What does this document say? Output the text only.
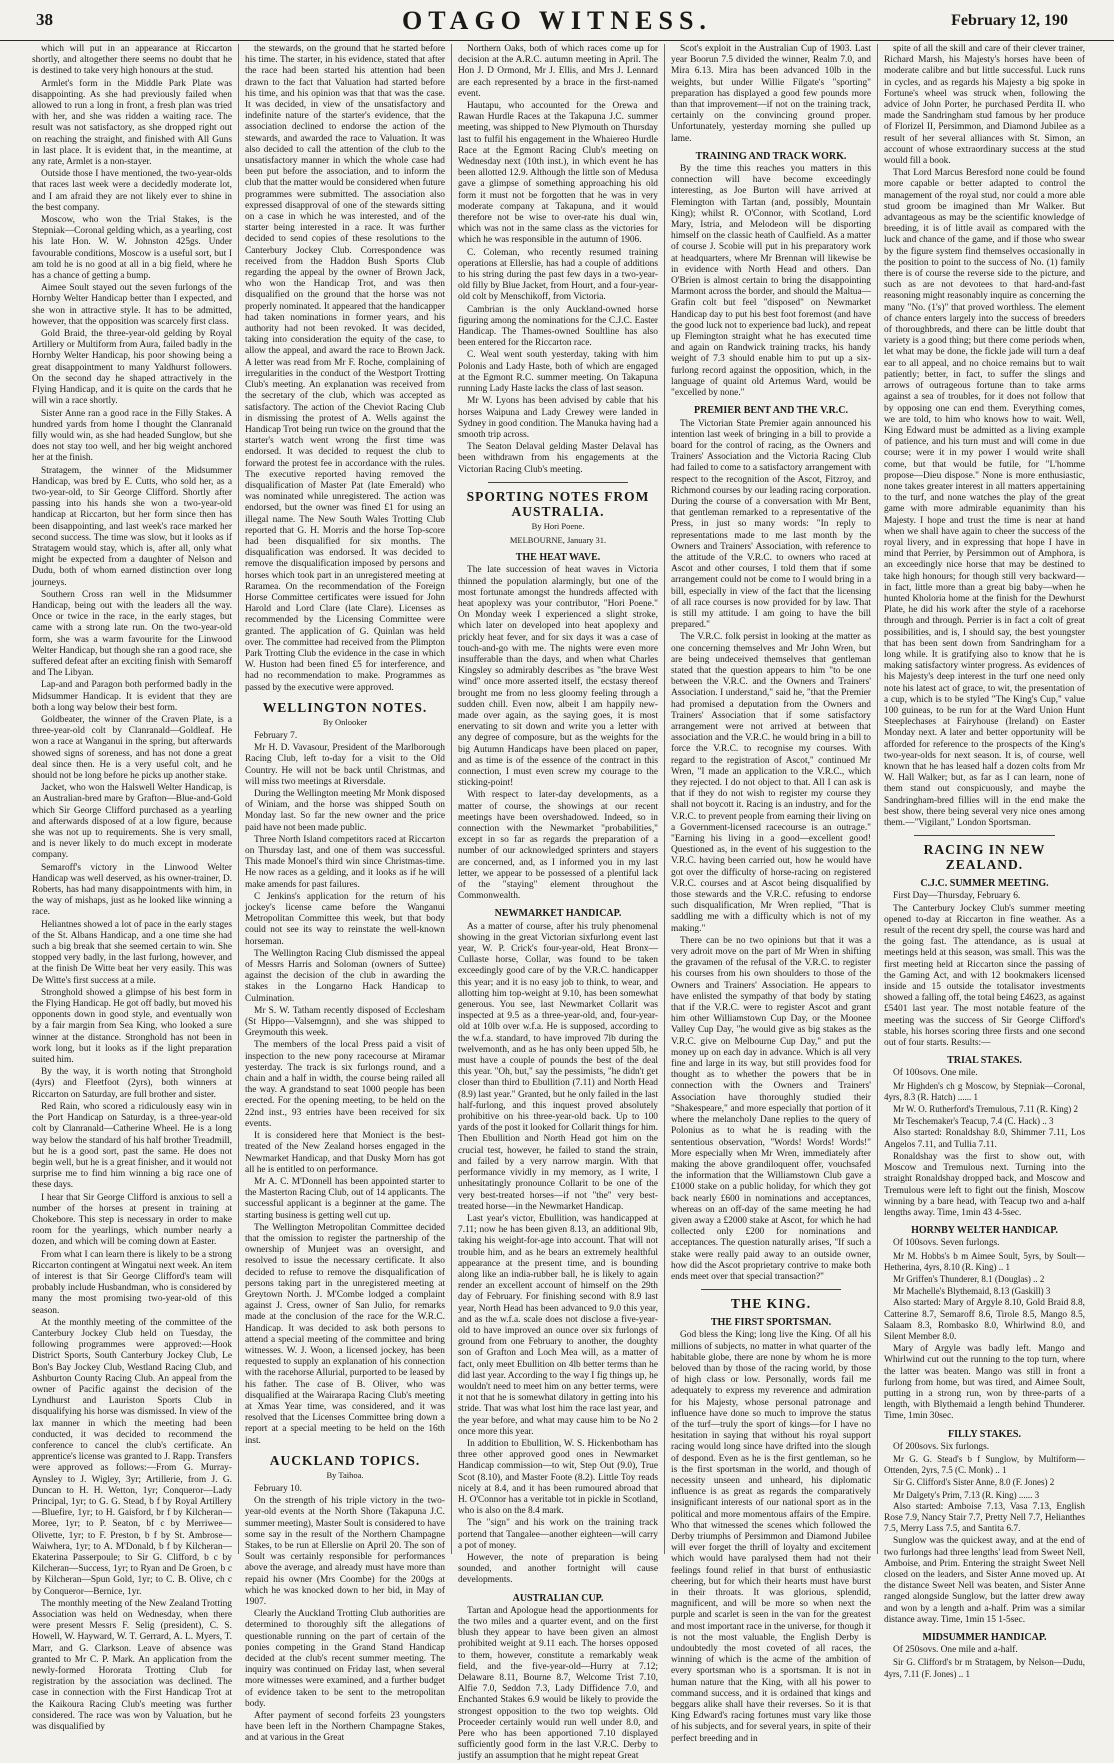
38	OTAGO WITNESS.	February 12, 190

which will put in an appearance at Riccarton shortly, and altogether there seems no doubt that he is destined to take very high honours at the stud.

Armlet's form in the Middle Park Plate was disappointing. As she had previously failed when allowed to run a long in front, a fresh plan was tried with her, and she was ridden a waiting race. The result was not satisfactory, as she dropped right out on reaching the straight, and finished with All Guns in last place. It is evident that, in the meantime, at any rate, Armlet is a non-stayer.

Outside those I have mentioned, the two-year-olds that races last week were a decidedly moderate lot, and I am afraid they are not likely ever to shine in the best company.

Moscow, who won the Trial Stakes, is the Stepniak—Coronal gelding which, as a yearling, cost his late Hon. W. W. Johnston 425gs. Under favourable conditions, Moscow is a useful sort, but I am told he is no good at all in a big field, where he has a chance of getting a bump.

Aimee Soult stayed out the seven furlongs of the Hornby Welter Handicap better than I expected, and she won in attractive style. It has to be admitted, however, that the opposition was scarcely first class.

Gold Braid, the three-year-old gelding by Royal Artillery or Multiform from Aura, failed badly in the Hornby Welter Handicap, his poor showing being a great disappointment to many Yaldhurst followers. On the second day he shaped attractively in the Flying Handicap, and it is quite on the cards that he will win a race shortly.

Sister Anne ran a good race in the Filly Stakes. A hundred yards from home I thought the Clanranald filly would win, as she had headed Sunglow, but she does not stay too well, and her big weight anchored her at the finish.

Stratagem, the winner of the Midsummer Handicap, was bred by E. Cutts, who sold her, as a two-year-old, to Sir George Clifford. Shortly after passing into his hands she won a two-year-old handicap at Riccarton, but her form since then has been disappointing, and last week's race marked her second success. The time was slow, but it looks as if Stratagem would stay, which is, after all, only what might be expected from a daughter of Nelson and Dudu, both of whom earned distinction over long journeys.

Southern Cross ran well in the Midsummer Handicap, being out with the leaders all the way. Once or twice in the race, in the early stages, but came with a strong late run. On the two-year-old form, she was a warm favourite for the Linwood Welter Handicap, but though she ran a good race, she suffered defeat after an exciting finish with Semaroff and The Libyan.

Lap-and and Paragon both performed badly in the Midsummer Handicap. It is evident that they are both a long way below their best form.

Goldbeater, the winner of the Craven Plate, is a three-year-old colt by Clanranald—Goldleaf. He won a race at Wanganui in the spring, but afterwards showed signs of soreness, and has not done a great deal since then. He is a very useful colt, and he should not be long before he picks up another stake.

Jacket, who won the Halswell Welter Handicap, is an Australian-bred mare by Grafton—Blue-and-Gold which Sir George Clifford purchased as a yearling and afterwards disposed of at a low figure, because she was not up to requirements. She is very small, and is never likely to do much except in moderate company.

Semaroff's victory in the Linwood Welter Handicap was well deserved, as his owner-trainer, D. Roberts, has had many disappointments with him, in the way of mishaps, just as he looked like winning a race.

Heliantnes showed a lot of pace in the early stages of the St. Albans Handicap, and a one time she had such a big break that she seemed certain to win. She stopped very badly, in the last furlong, however, and at the finish De Witte beat her very easily. This was De Witte's first success at a mile.

Stronghold showed a glimpse of his best form in the Flying Handicap. He got off badly, but moved his opponents down in good style, and eventually won by a fair margin from Sea King, who looked a sure winner at the distance. Stronghold has not been in work long, but it looks as if the light preparation suited him.

By the way, it is worth noting that Stronghold (4yrs) and Fleetfoot (2yrs), both winners at Riccarton on Saturday, are full brother and sister.

Red Rain, who scored a ridiculously easy win in the Port Handicap on Saturday, is a three-year-old colt by Clanranald—Catherine Wheel. He is a long way below the standard of his half brother Treadmill, but he is a good sort, past the same. He does not begin well, but he is a great finisher, and it would not surprise me to find him winning a big race one of these days.

I hear that Sir George Clifford is anxious to sell a number of the horses at present in training at Chokebore. This step is necessary in order to make room for the yearlings, which number nearly a dozen, and which will be coming down at Easter.

From what I can learn there is likely to be a strong Riccarton contingent at Wingatui next week. An item of interest is that Sir George Clifford's team will probably include Husbandman, who is considered by many the most promising two-year-old of this season.

At the monthly meeting of the committee of the Canterbury Jockey Club held on Tuesday, the following programmes were approved:—Hook District Sports, South Canterbury Jockey Club, Le Bon's Bay Jockey Club, Westland Racing Club, and Ashburton County Racing Club. An appeal from the owner of Pacific against the decision of the Lyndhurst and Lauriston Sports Club in disqualifying his horse was dismissed. In view of the lax manner in which the meeting had been conducted, it was decided to recommend the conference to cancel the club's certificate. An apprentice's license was granted to J. Rapp. Transfers were approved as follows:—From G. Murray-Aynsley to J. Wigley, 3yr; Artillerie, from J. G. Duncan to H. H. Wetton, 1yr; Conqueror—Lady Principal, 1yr; to G. G. Stead, b f by Royal Artillery—Bluefire, 1yr; to H. Gaisford, br f by Kilcheran—Moree, 1yr; to P. Seaton, bf c by Merriwee—Olivette, 1yr; to F. Preston, b f by St. Ambrose—Waiwhera, 1yr; to A. M'Donald, b f by Kilcheran—Ekaterina Passerpoule; to Sir G. Clifford, b c by Kilcheran—Success, 1yr; to Ryan and De Groen, b c by Kilcheran—Spun Gold, 1yr; to C. B. Olive, ch c by Conqueror—Bernice, 1yr.

The monthly meeting of the New Zealand Trotting Association was held on Wednesday, when there were present Messrs F. Selig (president), C. S. Howell, W. Hayward, W. T. Gerrard, A. L. Myers, T. Marr, and G. Clarkson. Leave of absence was granted to Mr C. P. Mark. An application from the newly-formed Hororata Trotting Club for registration by the association was declined. The case in connection with the First Handicap Trot at the Kaikoura Racing Club's meeting was further considered. The race was won by Valuation, but he was disqualified by

the stewards, on the ground that he started before his time. The starter, in his evidence, stated that after the race had been started his attention had been drawn to the fact that Valuation had started before his time, and his opinion was that that was the case. It was decided, in view of the unsatisfactory and indefinite nature of the starter's evidence, that the association declined to endorse the action of the stewards, and awarded the race to Valuation. It was also decided to call the attention of the club to the unsatisfactory manner in which the whole case had been put before the association, and to inform the club that the matter would be considered when future programmes were submitted. The association also expressed disapproval of one of the stewards sitting on a case in which he was interested, and of the starter being interested in a race. It was further decided to send copies of these resolutions to the Canterbury Jockey Club. Correspondence was received from the Haddon Bush Sports Club regarding the appeal by the owner of Brown Jack, who won the Handicap Trot, and was then disqualified on the ground that the horse was not properly nominated. It appeared that the handicapper had taken nominations in former years, and his authority had not been revoked. It was decided, taking into consideration the equity of the case, to allow the appeal, and award the race to Brown Jack. A letter was read from Mr F. Roche, complaining of irregularities in the conduct of the Westport Trotting Club's meeting. An explanation was received from the secretary of the club, which was accepted as satisfactory. The action of the Cheviot Racing Club in dismissing the protest of A. Wells against the Handicap Trot being run twice on the ground that the starter's watch went wrong the first time was endorsed. It was decided to request the club to forward the protest fee in accordance with the rules. The executive reported having removed the disqualification of Master Pat (late Emerald) who was nominated while unregistered. The action was endorsed, but the owner was fined £1 for using an illegal name. The New South Wales Trotting Club reported that G. H. Morris and the horse Top-score had been disqualified for six months. The disqualification was endorsed. It was decided to remove the disqualification imposed by persons and horses which took part in an unregistered meeting at Raramea. On the recommendation of the Foreign Horse Committee certificates were issued for John Harold and Lord Clare (late Clare). Licenses as recommended by the Licensing Committee were granted. The application of G. Quinlan was held over. The committee had received from the Plimpton Park Trotting Club the evidence in the case in which W. Huston had been fined £5 for interference, and had no recommendation to make. Programmes as passed by the executive were approved.

WELLINGTON NOTES.
By Onlooker

February 7.

Mr H. D. Vavasour, President of the Marlborough Racing Club, left to-day for a visit to the Old Country. He will not be back until Christmas, and will miss two meetings at Riversdale.

During the Wellington meeting Mr Monk disposed of Winiam, and the horse was shipped South on Monday last. So far the new owner and the price paid have not been made public.

Three North Island competitors raced at Riccarton on Thursday last, and one of them was successful. This made Monoel's third win since Christmas-time. He now races as a gelding, and it looks as if he will make amends for past failures.

C Jenkins's application for the return of his jockey's license came before the Wanganui Metropolitan Committee this week, but that body could not see its way to reinstate the well-known horseman.

The Wellington Racing Club dismissed the appeal of Messrs Harris and Soloman (owners of Suttee) against the decision of the club in awarding the stakes in the Longarno Hack Handicap to Culmination.

Mr S. W. Tatham recently disposed of Ecclesham (St Hippo—Valsemgnn), and she was shipped to Greymouth this week.

The members of the local Press paid a visit of inspection to the new pony racecourse at Miramar yesterday. The track is six furlongs round, and a chain and a half in width, the course being railed all the way. A grandstand to seat 1000 people has been erected. For the opening meeting, to be held on the 22nd inst., 93 entries have been received for six events.

It is considered here that Moniect is the best-treated of the New Zealand horses engaged in the Newmarket Handicap, and that Dusky Morn has got all he is entitled to on performance.

Mr A. C. M'Donnell has been appointed starter to the Masterton Racing Club, out of 14 applicants. The successful applicant is a beginner at the game. The starting business is getting well cut up.

The Wellington Metropolitan Committee decided that the omission to register the partnership of the ownership of Munjeet was an oversight, and resolved to issue the necessary certificate. It also decided to refuse to remove the disqualification of persons taking part in the unregistered meeting at Greytown North. J. M'Combe lodged a complaint against J. Cress, owner of San Julio, for remarks made at the conclusion of the race for the W.R.C. Handicap. It was decided to ask both persons to attend a special meeting of the committee and bring witnesses. W. J. Woon, a licensed jockey, has been requested to supply an explanation of his connection with the racehorse Allurial, purported to be leased by his father. The case of B. Oliver, who was disqualified at the Wairarapa Racing Club's meeting at Xmas Year time, was considered, and it was resolved that the Licenses Committee bring down a report at a special meeting to be held on the 16th inst.

AUCKLAND TOPICS.
By Taihoa.

February 10.

On the strength of his triple victory in the two-year-old events at the North Shore (Takapuna J.C. summer meeting), Master Soult is considered to have some say in the result of the Northern Champagne Stakes, to be run at Ellerslie on April 20. The son of Soult was certainly responsible for performances above the average, and already must have more than repaid his owner (Mrs Coombe) for the 200gs at which he was knocked down to her bid, in May of 1907.

Clearly the Auckland Trotting Club authorities are determined to thoroughly sift the allegations of questionable running on the part of certain of the ponies competing in the Grand Stand Handicap decided at the club's recent summer meeting. The inquiry was continued on Friday last, when several more witnesses were examined, and a further budget of evidence taken to be sent to the metropolitan body.

After payment of second forfeits 23 youngsters have been left in the Northern Champagne Stakes, and at various in the Great

Northern Oaks, both of which races come up for decision at the A.R.C. autumn meeting in April. The Hon J. D Ormond, Mr J. Ellis, and Mrs J. Lennard are each represented by a brace in the first-named event.

Hautapu, who accounted for the Orewa and Rawan Hurdle Races at the Takapuna J.C. summer meeting, was shipped to New Plymouth on Thursday last to fulfil his engagement in the Whaiereo Hurdle Race at the Egmont Racing Club's meeting on Wednesday next (10th inst.), in which event he has been allotted 12.9. Although the little son of Medusa gave a glimpse of something approaching his old form it must not be forgotten that he was in very moderate company at Takapuna, and it would therefore not be wise to over-rate his dual win, which was not in the same class as the victories for which he was responsible in the autumn of 1906.

C. Coleman, who recently resumed training operations at Ellerslie, has had a couple of additions to his string during the past few days in a two-year-old filly by Blue Jacket, from Hourt, and a four-year-old colt by Menschikoff, from Victoria.

Cambrian is the only Auckland-owned horse figuring among the nominations for the C.J.C. Easter Handicap. The Thames-owned Soultline has also been entered for the Riccarton race.

C. Weal went south yesterday, taking with him Polonis and Lady Haste, both of which are engaged at the Egmont R.C. summer meeting. On Takapuna running Lady Haste lacks the class of last season.

Mr W. Lyons has been advised by cable that his horses Waipuna and Lady Crewey were landed in Sydney in good condition. The Manuka having had a smooth trip across.

The Seaton Delaval gelding Master Delaval has been withdrawn from his engagements at the Victorian Racing Club's meeting.

SPORTING NOTES FROM AUSTRALIA.
By Hori Poene.
MELBOURNE, January 31.
THE HEAT WAVE.

The late succession of heat waves in Victoria thinned the population alarmingly, but one of the most fortunate amongst the hundreds affected with heat apoplexy was your contributor, "Hori Poene." On Monday week I experienced a slight stroke, which later on developed into heat apoplexy and prickly heat fever, and for six days it was a case of touch-and-go with me. The nights were even more insufferable than the days, and when what Charles Kingsley so admirably describes as "the brave West wind" once more asserted itself, the ecstasy thereof brought me from no less gloomy feeling through a sudden chill. Even now, albeit I am happily new-made over again, as the saying goes, it is most enervating to sit down and write you a letter with any degree of composure, but as the weights for the big Autumn Handicaps have been placed on paper, and as time is of the essence of the contract in this connection, I must even screw my courage to the sticking-point!

With respect to later-day developments, as a matter of course, the showings at our recent meetings have been overshadowed. Indeed, so in connection with the Newmarket "probabilities," except in so far as regards the preparation of a number of our acknowledged sprinters and stayers are concerned, and, as I informed you in my last letter, we appear to be possessed of a plentiful lack of the "staying" element throughout the Commonwealth.

NEWMARKET HANDICAP.

As a matter of course, after his truly phenomenal showing in the great Victorian sixfurlong event last year, W. P. Crick's four-year-old, Heat Bronx—Cullaste horse, Collar, was found to be taken exceedingly good care of by the V.R.C. handicapper this year; and it is no easy job to think, to wear, and allotting him top-weight at 9.10, has been somewhat generous. You see, last Newmarket Collarit was inspected at 9.5 as a three-year-old, and, four-year-old at 10lb over w.f.a. He is supposed, according to the w.f.a. standard, to have improved 7lb during the twelvemonth, and as he has only been upped 5lb, he must have a couple of pounds the best of the deal this year. "Oh, but," say the pessimists, "he didn't get closer than third to Ebullition (7.11) and North Head (8.9) last year." Granted, but he only failed in the last half-furlong, and this inquest proved absolutely prohibitive on his three-year-old back. Up to 100 yards of the post it looked for Collarit things for him. Then Ebullition and North Head got him on the crucial test, however, he failed to stand the strain, and failed by a very narrow margin. With that performance vividly in my memory, as I write, I unhesitatingly pronounce Collarit to be one of the very best-treated horses—if not "the" very best-treated horse—in the Newmarket Handicap.

Last year's victor, Ebullition, was handicapped at 7.11; now he has been given 8.13, an additional 9lb, taking his weight-for-age into account. That will not trouble him, and as he bears an extremely healthful appearance at the present time, and is bounding along like an india-rubber ball, he is likely to again render an excellent account of himself on the 29th day of February. For finishing second with 8.9 last year, North Head has been advanced to 9.0 this year, and as the w.f.a. scale does not disclose a five-year-old to have improved an ounce over six furlongs of ground from one February to another, the doughty son of Grafton and Loch Mea will, as a matter of fact, only meet Ebullition on 4lb better terms than he did last year. According to the way I fig things up, he wouldn't need to meet him on any better terms, were it not that he is somewhat dilatory in getting into his stride. That was what lost him the race last year, and the year before, and what may cause him to be No 2 once more this year.

In addition to Ebullition, W. S. Hickenbotham has three other approved good ones in Newmarket Handicap commission—to wit, Step Out (9.0), True Scot (8.10), and Master Foote (8.2). Little Toy reads nicely at 8.4, and it has been rumoured abroad that H. O'Connor has a veritable tot in pickle in Scotland, who is also on the 8.4 mark.

The "sign" and his work on the training track portend that Tangalee—another eighteen—will carry a pot of money.

However, the note of preparation is being sounded, and another fortnight will cause developments.

AUSTRALIAN CUP.

Tartan and Apologue head the apportionments for the two miles and a quarter event, and on the first blush they appear to have been given an almost prohibited weight at 9.11 each. The horses opposed to them, however, constitute a remarkably weak field, and the five-year-old—Hurry at 7.12; Delaware 8.11, Bourne 8.7, Welcome Trist 7.10, Alfie 7.0, Seddon 7.3, Lady Diffidence 7.0, and Enchanted Stakes 6.9 would be likely to provide the strongest opposition to the two top weights. Old Proceeder certainly would run well under 8.0, and Pere who has been apportioned 7.10 displayed sufficiently good form in the last V.R.C. Derby to justify an assumption that he might repeat Great

Scot's exploit in the Australian Cup of 1903. Last year Boorun 7.5 divided the winner, Realm 7.0, and Mira 6.13. Mira has been advanced 10lb in the weights, but under Willie Filgate's "sporting" preparation has displayed a good few pounds more than that improvement—if not on the training track, certainly on the convincing ground proper. Unfortunately, yesterday morning she pulled up lame.

TRAINING AND TRACK WORK.

By the time this reaches you matters in this connection will have become exceedingly interesting, as Joe Burton will have arrived at Flemington with Tartan (and, possibly, Mountain King); whilst R. O'Connor, with Scotland, Lord Mary, Istria, and Melodeon will be disporting himself on the classic heath of Caulfield. As a matter of course J. Scobie will put in his preparatory work at headquarters, where Mr Brennan will likewise be in evidence with North Head and others. Dan O'Brien is almost certain to bring the disappointing Marmont across the border, and should the Maltua—Grafin colt but feel "disposed" on Newmarket Handicap day to put his best foot foremost (and have the good luck not to experience bad luck), and repeat up Flemington straight what he has executed time and again on Randwick training tracks, his handy weight of 7.3 should enable him to put up a six-furlong record against the opposition, which, in the language of quaint old Artemus Ward, would be "excelled by none."

PREMIER BENT AND THE V.R.C.

The Victorian State Premier again announced his intention last week of bringing in a bill to provide a board for the control of racing, as the Owners and Trainers' Association and the Victoria Racing Club had failed to come to a satisfactory arrangement with respect to the recognition of the Ascot, Fitzroy, and Richmond courses by our leading racing corporation. During the course of a conversation with Mr Bent, that gentleman remarked to a representative of the Press, in just so many words: "In reply to representations made to me last month by the Owners and Trainers' Association, with reference to the attitude of the V.R.C. to owners who raced at Ascot and other courses, I told them that if some arrangement could not be come to I would bring in a bill, especially in view of the fact that the licensing of all race courses is now provided for by law. That is still my attitude. I am going to have the bill prepared."

The V.R.C. folk persist in looking at the matter as one concerning themselves and Mr John Wren, but are being undeceived themselves that gentleman stated that the question appears to him "to be one between the V.R.C. and the Owners and Trainers' Association. I understand," said he, "that the Premier had promised a deputation from the Owners and Trainers' Association that if some satisfactory arrangement were not arrived at between that association and the V.R.C. he would bring in a bill to force the V.R.C. to recognise my courses. With regard to the registration of Ascot," continued Mr Wren, "I made an application to the V.R.C., which they rejected. I do not object to that. All I can ask is that if they do not wish to register my course they shall not boycott it. Racing is an industry, and for the V.R.C. to prevent people from earning their living on a Government-licensed racecourse is an outrage." "Earning his living in a good—excellent good! Questioned as, in the event of his suggestion to the V.R.C. having been carried out, how he would have got over the difficulty of horse-racing on registered V.R.C. courses and at Ascot being disqualified by those stewards and the V.R.C. refusing to endorse such disqualification, Mr Wren replied, "That is saddling me with a difficulty which is not of my making."

There can be no two opinions but that it was a very adroit move on the part of Mr Wren in shifting the gravamen of the refusal of the V.R.C. to register his courses from his own shoulders to those of the Owners and Trainers' Association. He appears to have enlisted the sympathy of that body by stating that if the V.R.C. were to register Ascot and grant him other Williamstown Cup Day, or the Moonee Valley Cup Day, "he would give as big stakes as the V.R.C. give on Melbourne Cup Day," and put the money up on each day in advance. Which is all very fine and large in its way, but still provides food for thought as to whether the powers that be in connection with the Owners and Trainers' Association have thoroughly studied their "Shakespeare," and more especially that portion of it where the melancholy Dane replies to the query of Polonius as to what he is reading with the sententious observation, "Words! Words! Words!" More especially when Mr Wren, immediately after making the above grandiloquent offer, vouchsafed the information that the Williamstown Club gave a £1000 stake on a public holiday, for which they got back nearly £600 in nominations and acceptances, whereas on an off-day of the same meeting he had given away a £2000 stake at Ascot, for which he had collected only £200 for nominations and acceptances. The question naturally arises, "If such a stake were really paid away to an outside owner, how did the Ascot proprietary contrive to make both ends meet over that special transaction?"

THE KING.
THE FIRST SPORTSMAN.

God bless the King; long live the King. Of all his millions of subjects, no matter in what quarter of the habitable globe, there are none by whom he is more beloved than by those of the racing world, by those of high class or low. Personally, words fail me adequately to express my reverence and admiration for his Majesty, whose personal patronage and influence have done so much to improve the status of the turf—truly the sport of kings—for I have no hesitation in saying that without his royal support racing would long since have drifted into the slough of despond. Even as he is the first gentleman, so he is the first sportsman in the world, and though of necessity unseen and unheard, his diplomatic influence is as great as regards the comparatively insignificant interests of our national sport as in the political and more momentous affairs of the Empire. Who that witnessed the scenes which followed the Derby triumphs of Persimmon and Diamond Jubilee will ever forget the thrill of loyalty and excitement which would have paralysed them had not their feelings found relief in that burst of enthusiastic cheering, but for which their hearts must have burst in their throats. It was glorious, splendid, magnificent, and will be more so when next the purple and scarlet is seen in the van for the greatest and most important race in the universe, for though it is not the most valuable, the English Derby is undoubtedly the most coveted of all races, the winning of which is the acme of the ambition of every sportsman who is a sportsman. It is not in human nature that the King, with all his power to command success, and it is ordained that kings and beggars alike shall have their reverses. So it is that King Edward's racing fortunes must vary like those of his subjects, and for several years, in spite of their perfect breeding and in

spite of all the skill and care of their clever trainer, Richard Marsh, his Majesty's horses have been of moderate calibre and but little successful. Luck runs in cycles, and as regards his Majesty a big spoke in Fortune's wheel was struck when, following the advice of John Porter, he purchased Perdita II. who made the Sandringham stud famous by her produce of Florizel II, Persimmon, and Diamond Jubilee as a result of her several alliances with St. Simon, an account of whose extraordinary success at the stud would fill a book.

That Lord Marcus Beresford none could be found more capable or better adapted to control the management of the royal stud, nor could a more able stud groom be imagined than Mr Walker. But advantageous as may be the scientific knowledge of breeding, it is of little avail as compared with the luck and chance of the game, and if those who swear by the figure system find themselves occasionally in the position to point to the success of No. (1) family there is of course the reverse side to the picture, and such as are not devotees to that hard-and-fast reasoning might reasonably inquire as concerning the many "No. (1's)" that proved worthless. The element of chance enters largely into the success of breeders of thoroughbreds, and there can be little doubt that variety is a good thing; but there come periods when, let what may be done, the fickle jade will turn a deaf ear to all appeal, and no choice remains but to wait patiently; better, in fact, to suffer the slings and arrows of outrageous fortune than to take arms against a sea of troubles, for it does not follow that by opposing one can end them. Everything comes, we are told, to him who knows how to wait. Well, King Edward must be admitted as a living example of patience, and his turn must and will come in due course; were it in my power I would write shall come, but that would be futile, for "L'homme propose—Dieu dispose." None is more enthusiastic, none takes greater interest in all matters appertaining to the turf, and none watches the play of the great game with more admirable equanimity than his Majesty. I hope and trust the time is near at hand when we shall have again to cheer the success of the royal livery, and in expressing that hope I have in mind that Perrier, by Persimmon out of Amphora, is an exceedingly nice horse that may be destined to take high honours; for though still very backward—in fact, little more than a great big baby—when he hunted Kholoria home at the finish for the Dewhurst Plate, he did his work after the style of a racehorse through and through. Perrier is in fact a colt of great possibilities, and is, I should say, the best youngster that has been sent down from Sandringham for a long while. It is gratifying also to know that he is making satisfactory winter progress. As evidences of his Majesty's deep interest in the turf one need only note his latest act of grace, to wit, the presentation of a cup, which is to be styled "The King's Cup," value 100 guineas, to be run for at the Ward Union Hunt Steeplechases at Fairyhouse (Ireland) on Easter Monday next. A later and better opportunity will be afforded for reference to the prospects of the King's two-year-olds for next season. It is, of course, well known that he has leased half a dozen colts from Mr W. Hall Walker; but, as far as I can learn, none of them stand out conspicuously, and maybe the Sandringham-bred fillies will in the end make the best show, there being several very nice ones among them.—"Vigilant," London Sportsman.

RACING IN NEW ZEALAND.
C.J.C. SUMMER MEETING.

First Day—Thursday, February 6.

The Canterbury Jockey Club's summer meeting opened to-day at Riccarton in fine weather. As a result of the recent dry spell, the course was hard and the going fast. The attendance, as is usual at meetings held at this season, was small. This was the first meeting held at Riccarton since the passing of the Gaming Act, and with 12 bookmakers licensed inside and 15 outside the totalisator investments showed a falling off, the total being £4623, as against £5401 last year. The most notable feature of the meeting was the success of Sir George Clifford's stable, his horses scoring three firsts and one second out of four starts. Results:—

TRIAL STAKES.

Of 100sovs. One mile.

Mr Highden's ch g Moscow, by Stepniak—Coronal, 4yrs, 8.3 (R. Hatch) ...... 1

Mr W. O. Rutherford's Tremulous, 7.11 (R. King) 2

Mr Teschemaker's Teacup, 7.4 (C. Hack) .. 3

Also started: Ronaldshay 8.0, Shimmer 7.11, Los Angelos 7.11, and Tullia 7.11.

Ronaldshay was the first to show out, with Moscow and Tremulous next. Turning into the straight Ronaldshay dropped back, and Moscow and Tremulous were left to fight out the finish, Moscow winning by a bare head, with Teacup two and a-half lengths away. Time, 1min 43 4-5sec.

HORNBY WELTER HANDICAP.

Of 100sovs. Seven furlongs.

Mr M. Hobbs's b m Aimee Soult, 5yrs, by Soult—Hetherina, 4yrs, 8.10 (R. King) .. 1

Mr Griffen's Thunderer, 8.1 (Douglas) .. 2

Mr Machelle's Blythemaid, 8.13 (Gaskill) 3

Also started: Mary of Argyle 8.10, Gold Braid 8.8, Catterine 8.7, Semaroff 8.6, Tirole 8.5, Mango 8.5, Salaam 8.3, Rombasko 8.0, Whirlwind 8.0, and Silent Member 8.0.

Mary of Argyle was badly left. Mango and Whirlwind cut out the running to the top turn, where the latter was beaten. Mango was still in front a furlong from home, but was tired, and Aimee Soult, putting in a strong run, won by three-parts of a length, with Blythemaid a length behind Thunderer. Time, 1min 30sec.

FILLY STAKES.

Of 200sovs. Six furlongs.

Mr G. G. Stead's b f Sunglow, by Multiform—Ottenden, 2yrs, 7.5 (C. Monk) .. 1

Sir G. Clifford's Sister Anne, 8.0 (F. Jones) 2

Mr Dalgety's Prim, 7.13 (R. King) ...... 3

Also started: Amboise 7.13, Vasa 7.13, English Rose 7.9, Nancy Stair 7.7, Pretty Nell 7.7, Helianthes 7.5, Merry Lass 7.5, and Santita 6.7.

Sunglow was the quickest away, and at the end of two furlongs had three lengths' lead from Sweet Nell, Amboise, and Prim. Entering the straight Sweet Nell closed on the leaders, and Sister Anne moved up. At the distance Sweet Nell was beaten, and Sister Anne ranged alongside Sunglow, but the latter drew away and won by a length and a-half. Prim was a similar distance away. Time, 1min 15 1-5sec.

MIDSUMMER HANDICAP.

Of 250sovs. One mile and a-half.

Sir G. Clifford's br m Stratagem, by Nelson—Dudu, 4yrs, 7.11 (F. Jones) .. 1
